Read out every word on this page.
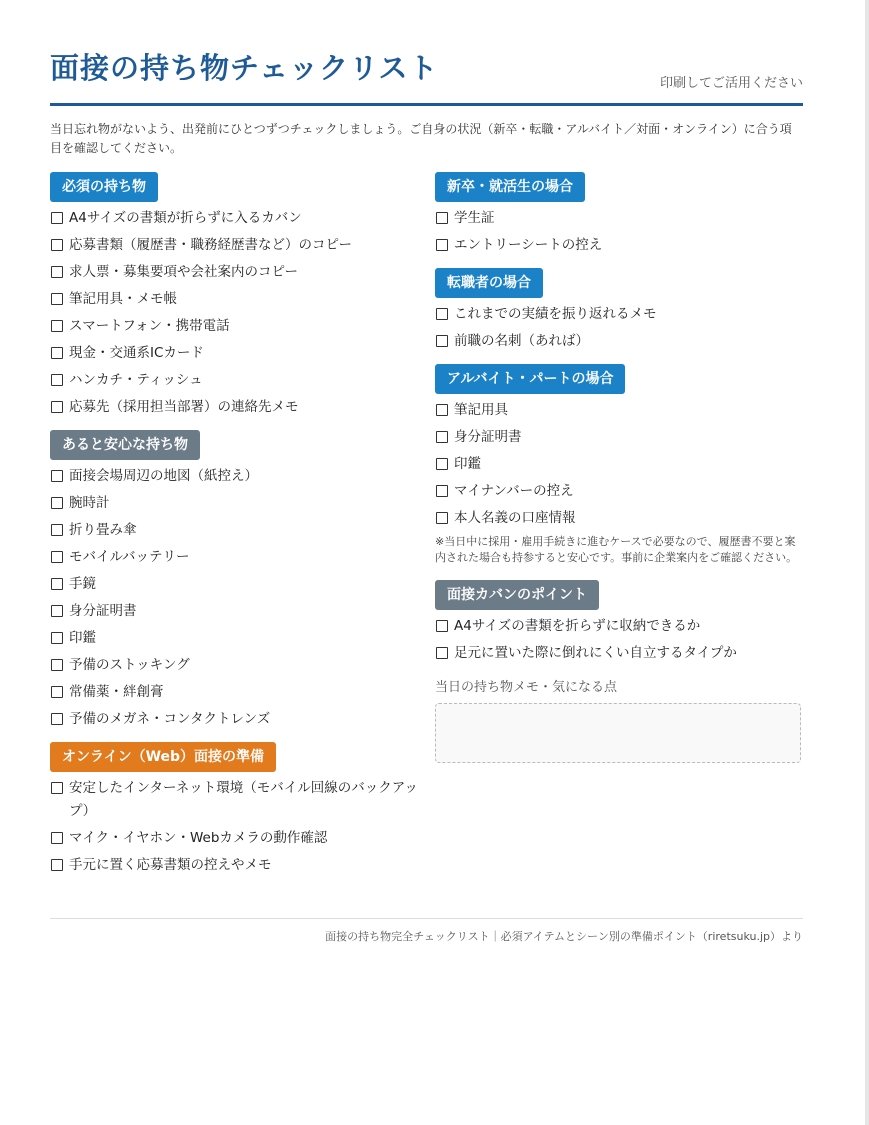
面接の持ち物チェックリスト	印刷してご活用ください

当日忘れ物がないよう、出発前にひとつずつチェックしましょう。ご自身の状況（新卒・転職・アルバイト／対面・オンライン）に合う項目を確認してください。

必須の持ち物
A4サイズの書類が折らずに入るカバン
応募書類（履歴書・職務経歴書など）のコピー
求人票・募集要項や会社案内のコピー
筆記用具・メモ帳
スマートフォン・携帯電話
現金・交通系ICカード
ハンカチ・ティッシュ
応募先（採用担当部署）の連絡先メモ
あると安心な持ち物
面接会場周辺の地図（紙控え）
腕時計
折り畳み傘
モバイルバッテリー
手鏡
身分証明書
印鑑
予備のストッキング
常備薬・絆創膏
予備のメガネ・コンタクトレンズ
オンライン（Web）面接の準備
安定したインターネット環境（モバイル回線のバックアップ）
マイク・イヤホン・Webカメラの動作確認
手元に置く応募書類の控えやメモ
新卒・就活生の場合
学生証
エントリーシートの控え
転職者の場合
これまでの実績を振り返れるメモ
前職の名刺（あれば）
アルバイト・パートの場合
筆記用具
身分証明書
印鑑
マイナンバーの控え
本人名義の口座情報

※当日中に採用・雇用手続きに進むケースで必要なので、履歴書不要と案内された場合も持参すると安心です。事前に企業案内をご確認ください。

面接カバンのポイント
A4サイズの書類を折らずに収納できるか
足元に置いた際に倒れにくい自立するタイプか
当日の持ち物メモ・気になる点
面接の持ち物完全チェックリスト｜必須アイテムとシーン別の準備ポイント（riretsuku.jp）より
